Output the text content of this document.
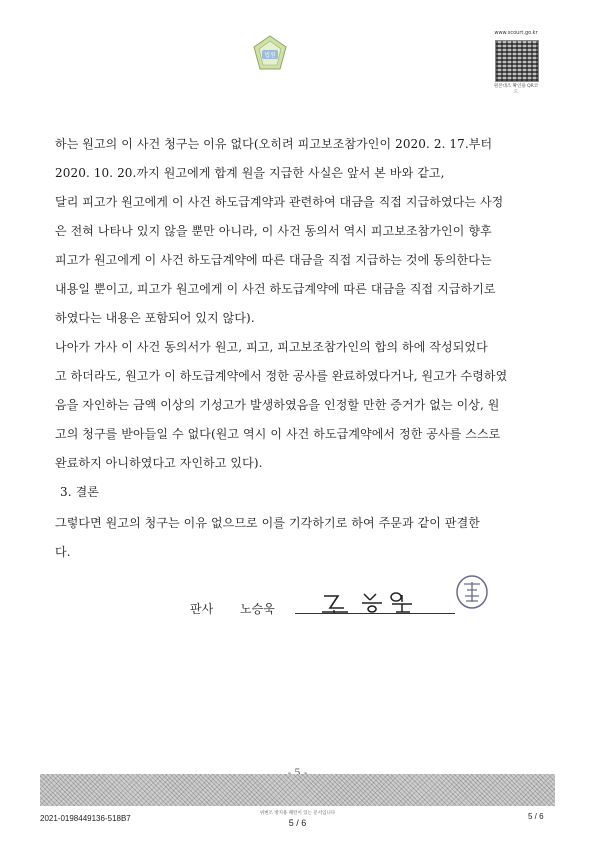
법원
www.scourt.go.kr
원본대조 확인용 QR코드
하는 원고의 이 사건 청구는 이유 없다(오히려 피고보조참가인이 2020. 2. 17.부터
2020. 10. 20.까지 원고에게 합계 원을 지급한 사실은 앞서 본 바와 같고,
달리 피고가 원고에게 이 사건 하도급계약과 관련하여 대금을 직접 지급하였다는 사정
은 전혀 나타나 있지 않을 뿐만 아니라, 이 사건 동의서 역시 피고보조참가인이 향후
피고가 원고에게 이 사건 하도급계약에 따른 대금을 직접 지급하는 것에 동의한다는
내용일 뿐이고, 피고가 원고에게 이 사건 하도급계약에 따른 대금을 직접 지급하기로
하였다는 내용은 포함되어 있지 않다).
나아가 가사 이 사건 동의서가 원고, 피고, 피고보조참가인의 합의 하에 작성되었다
고 하더라도, 원고가 이 하도급계약에서 정한 공사를 완료하였다거나, 원고가 수령하였
음을 자인하는 금액 이상의 기성고가 발생하였음을 인정할 만한 증거가 없는 이상, 원
고의 청구를 받아들일 수 없다(원고 역시 이 사건 하도급계약에서 정한 공사를 스스로
완료하지 아니하였다고 자인하고 있다).
3. 결론
그렇다면 원고의 청구는 이유 없으므로 이를 기각하기로 하여 주문과 같이 판결한
다.
판사 노승욱
위변조 방지용 패턴이 있는 문서입니다
2021-0198449136-518B7	5 / 6
5 / 6
